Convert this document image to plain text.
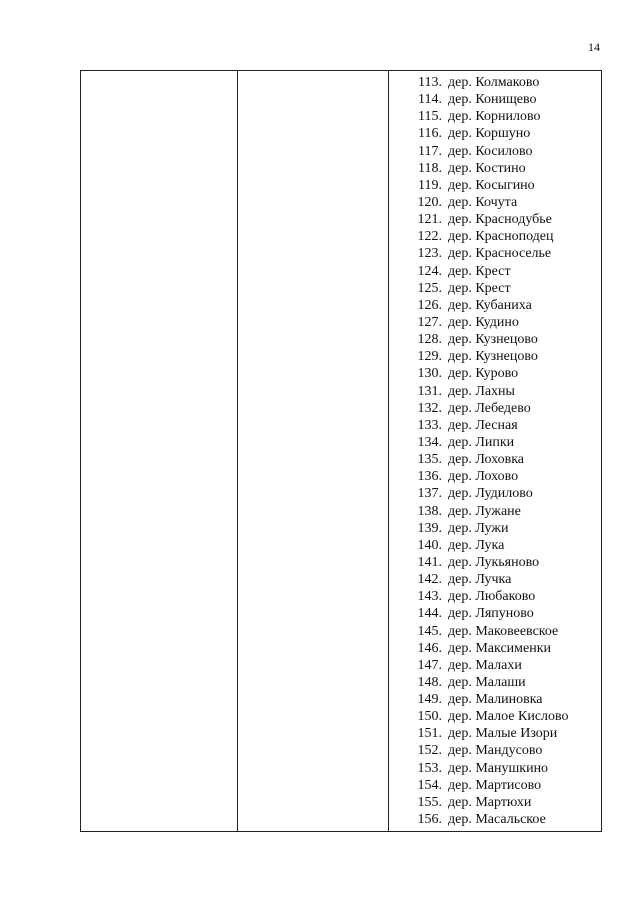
14
113. дер. Колмаково
114. дер. Конищево
115. дер. Корнилово
116. дер. Коршуно
117. дер. Косилово
118. дер. Костино
119. дер. Косыгино
120. дер. Кочута
121. дер. Краснодубье
122. дер. Красноподец
123. дер. Красноселье
124. дер. Крест
125. дер. Крест
126. дер. Кубаниха
127. дер. Кудино
128. дер. Кузнецово
129. дер. Кузнецово
130. дер. Курово
131. дер. Лахны
132. дер. Лебедево
133. дер. Лесная
134. дер. Липки
135. дер. Лоховка
136. дер. Лохово
137. дер. Лудилово
138. дер. Лужане
139. дер. Лужи
140. дер. Лука
141. дер. Лукьяново
142. дер. Лучка
143. дер. Любаково
144. дер. Ляпуново
145. дер. Маковеевское
146. дер. Максименки
147. дер. Малахи
148. дер. Малаши
149. дер. Малиновка
150. дер. Малое Кислово
151. дер. Малые Изори
152. дер. Мандусово
153. дер. Манушкино
154. дер. Мартисово
155. дер. Мартюхи
156. дер. Масальское
